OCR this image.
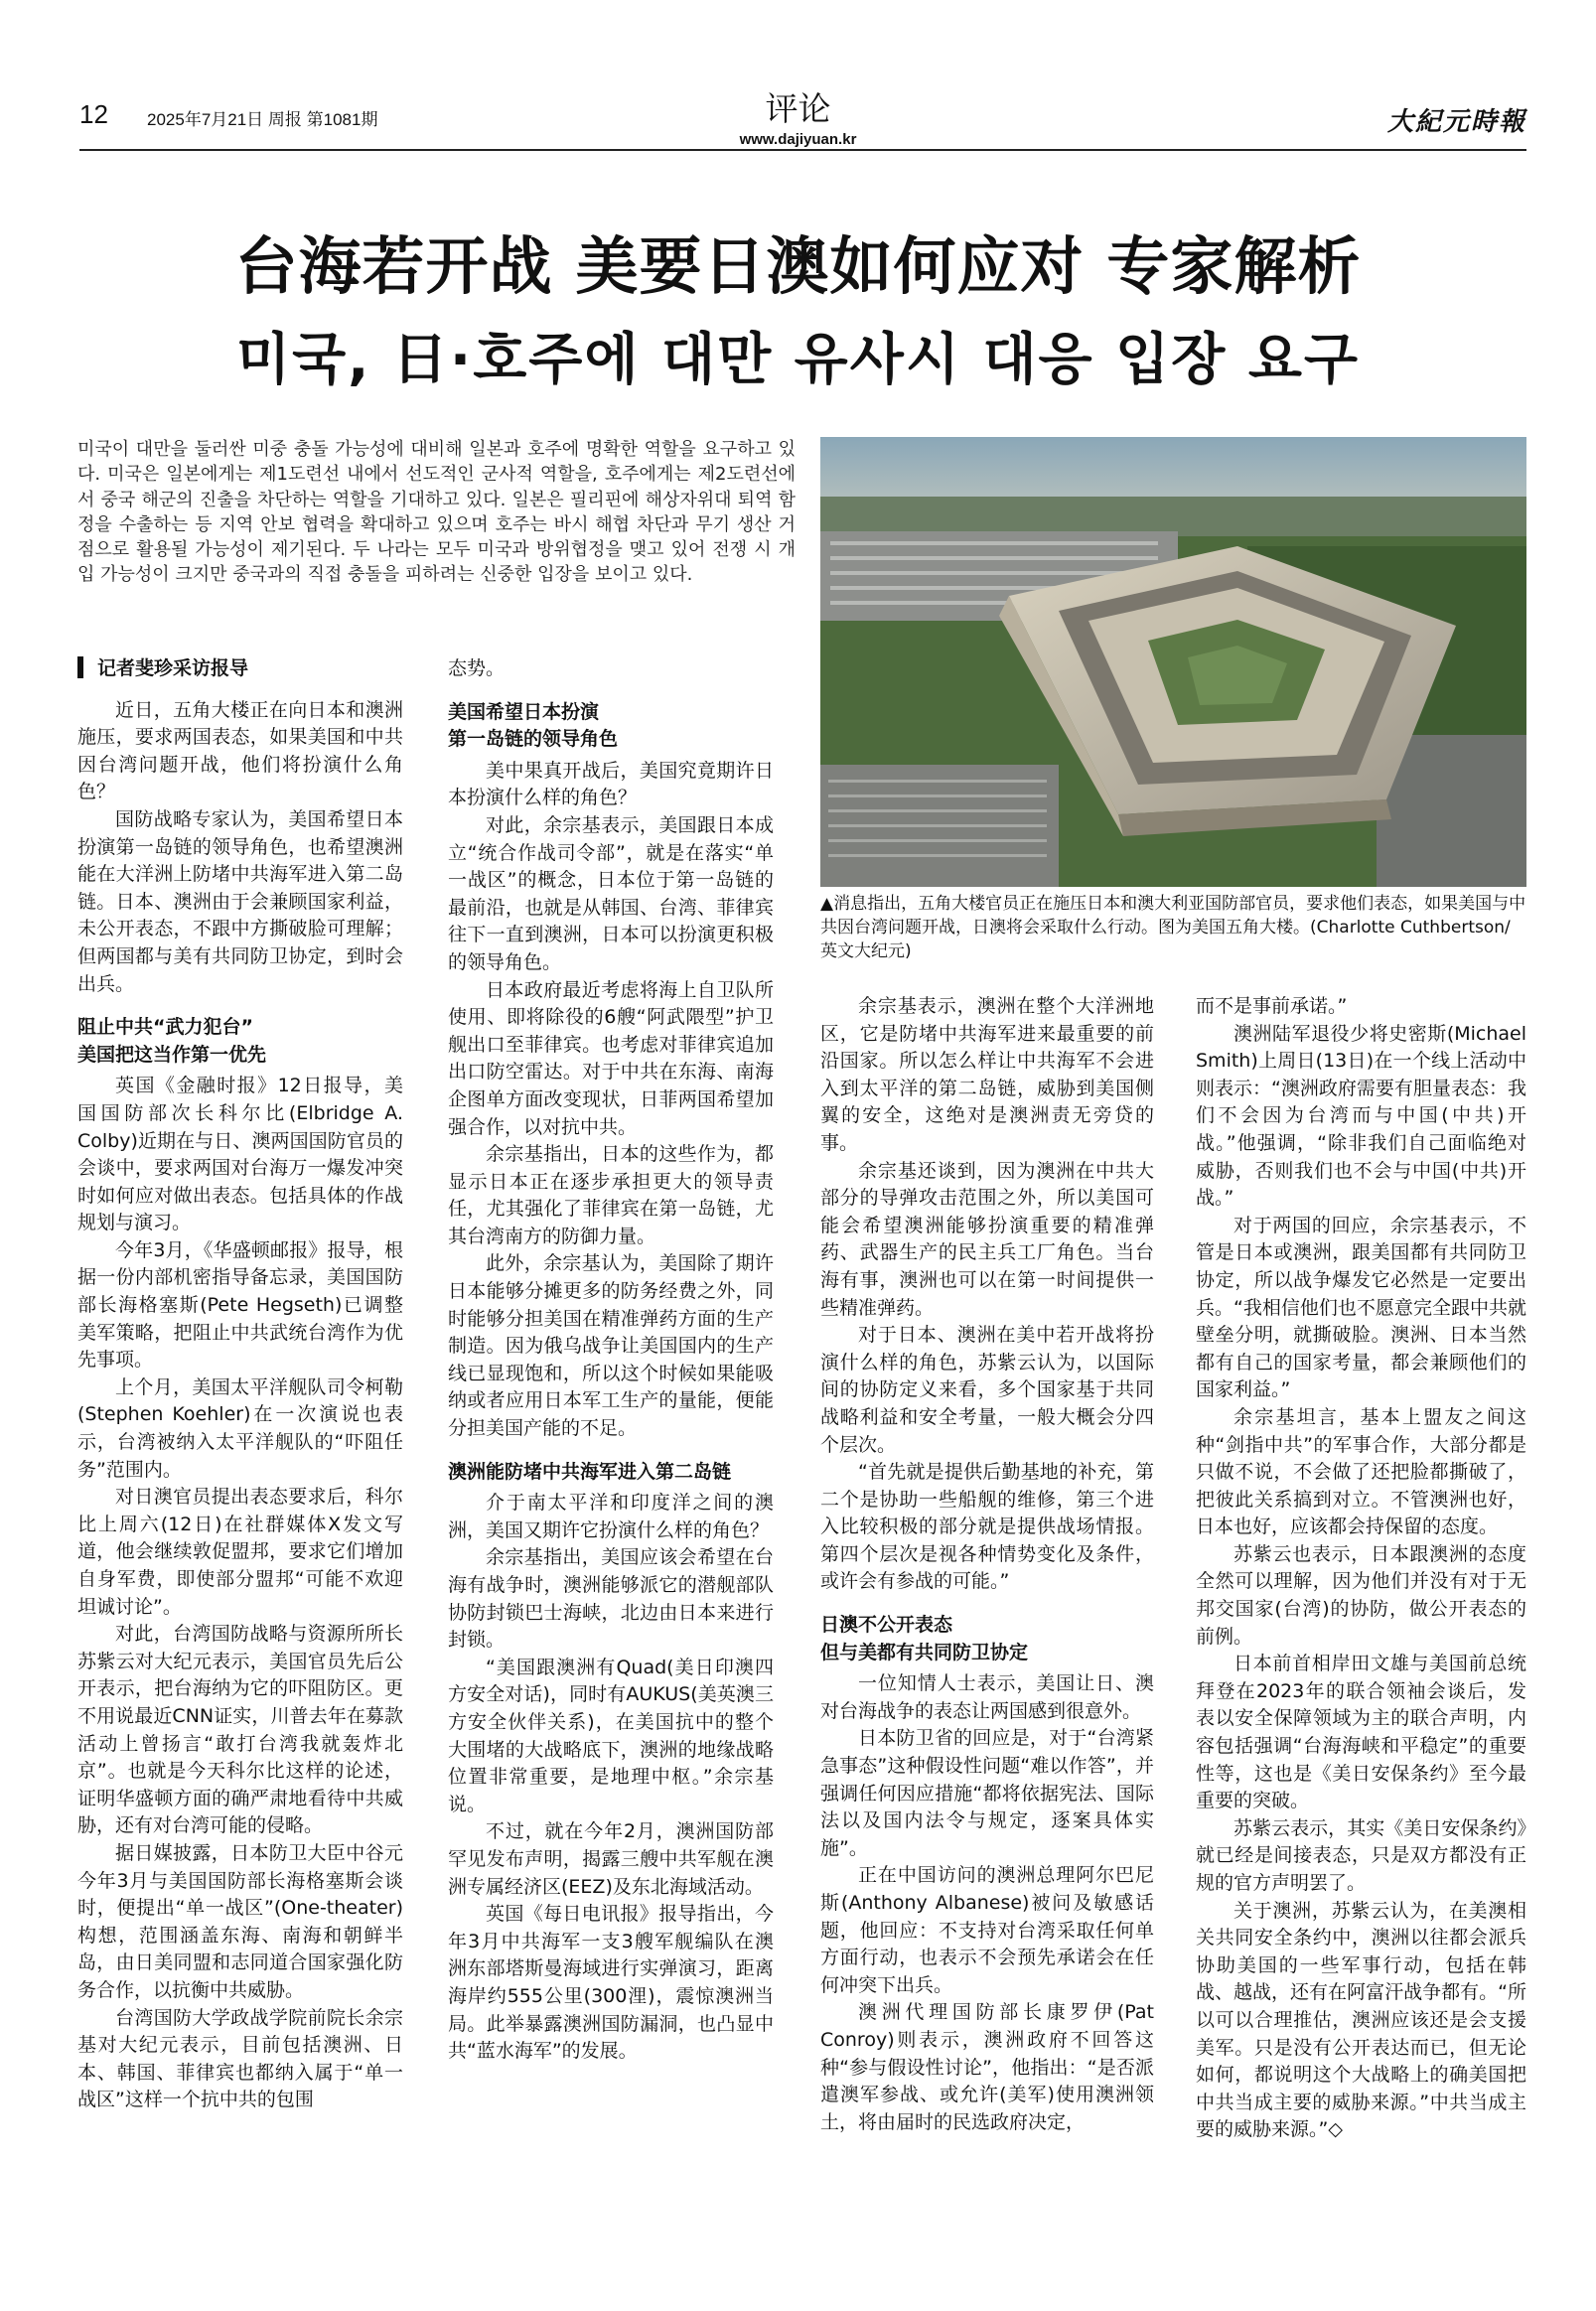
12 2025年7月21日 周报 第1081期	评论
www.dajiyuan.kr
大紀元時報
台海若开战 美要日澳如何应对 专家解析
미국, 日·호주에 대만 유사시 대응 입장 요구
미국이 대만을 둘러싼 미중 충돌 가능성에 대비해 일본과 호주에 명확한 역할을 요구하고 있다. 미국은 일본에게는 제1도련선 내에서 선도적인 군사적 역할을, 호주에게는 제2도련선에서 중국 해군의 진출을 차단하는 역할을 기대하고 있다. 일본은 필리핀에 해상자위대 퇴역 함정을 수출하는 등 지역 안보 협력을 확대하고 있으며 호주는 바시 해협 차단과 무기 생산 거점으로 활용될 가능성이 제기된다. 두 나라는 모두 미국과 방위협정을 맺고 있어 전쟁 시 개입 가능성이 크지만 중국과의 직접 충돌을 피하려는 신중한 입장을 보이고 있다.
▲消息指出，五角大楼官员正在施压日本和澳大利亚国防部官员，要求他们表态，如果美国与中共因台湾问题开战，日澳将会采取什么行动。图为美国五角大楼。(Charlotte Cuthbertson/英文大纪元)
记者斐珍采访报导

近日，五角大楼正在向日本和澳洲施压，要求两国表态，如果美国和中共因台湾问题开战，他们将扮演什么角色？

国防战略专家认为，美国希望日本扮演第一岛链的领导角色，也希望澳洲能在大洋洲上防堵中共海军进入第二岛链。日本、澳洲由于会兼顾国家利益，未公开表态，不跟中方撕破脸可理解；但两国都与美有共同防卫协定，到时会出兵。

阻止中共“武力犯台”
美国把这当作第一优先

英国《金融时报》12日报导，美国国防部次长科尔比(Elbridge A. Colby)近期在与日、澳两国国防官员的会谈中，要求两国对台海万一爆发冲突时如何应对做出表态。包括具体的作战规划与演习。

今年3月，《华盛顿邮报》报导，根据一份内部机密指导备忘录，美国国防部长海格塞斯(Pete Hegseth)已调整美军策略，把阻止中共武统台湾作为优先事项。

上个月，美国太平洋舰队司令柯勒(Stephen Koehler)在一次演说也表示，台湾被纳入太平洋舰队的“吓阻任务”范围内。

对日澳官员提出表态要求后，科尔比上周六(12日)在社群媒体X发文写道，他会继续敦促盟邦，要求它们增加自身军费，即使部分盟邦“可能不欢迎坦诚讨论”。

对此，台湾国防战略与资源所所长苏紫云对大纪元表示，美国官员先后公开表示，把台海纳为它的吓阻防区。更不用说最近CNN证实，川普去年在募款活动上曾扬言“敢打台湾我就轰炸北京”。也就是今天科尔比这样的论述，证明华盛顿方面的确严肃地看待中共威胁，还有对台湾可能的侵略。

据日媒披露，日本防卫大臣中谷元今年3月与美国国防部长海格塞斯会谈时，便提出“单一战区”(One-theater)构想，范围涵盖东海、南海和朝鲜半岛，由日美同盟和志同道合国家强化防务合作，以抗衡中共威胁。

台湾国防大学政战学院前院长余宗基对大纪元表示，目前包括澳洲、日本、韩国、菲律宾也都纳入属于“单一战区”这样一个抗中共的包围

态势。

美国希望日本扮演
第一岛链的领导角色

美中果真开战后，美国究竟期许日本扮演什么样的角色？

对此，余宗基表示，美国跟日本成立“统合作战司令部”，就是在落实“单一战区”的概念，日本位于第一岛链的最前沿，也就是从韩国、台湾、菲律宾往下一直到澳洲，日本可以扮演更积极的领导角色。

日本政府最近考虑将海上自卫队所使用、即将除役的6艘“阿武隈型”护卫舰出口至菲律宾。也考虑对菲律宾追加出口防空雷达。对于中共在东海、南海企图单方面改变现状，日菲两国希望加强合作，以对抗中共。

余宗基指出，日本的这些作为，都显示日本正在逐步承担更大的领导责任，尤其强化了菲律宾在第一岛链，尤其台湾南方的防御力量。

此外，余宗基认为，美国除了期许日本能够分摊更多的防务经费之外，同时能够分担美国在精准弹药方面的生产制造。因为俄乌战争让美国国内的生产线已显现饱和，所以这个时候如果能吸纳或者应用日本军工生产的量能，便能分担美国产能的不足。

澳洲能防堵中共海军进入第二岛链

介于南太平洋和印度洋之间的澳洲，美国又期许它扮演什么样的角色？

余宗基指出，美国应该会希望在台海有战争时，澳洲能够派它的潜舰部队协防封锁巴士海峡，北边由日本来进行封锁。

“美国跟澳洲有Quad(美日印澳四方安全对话)，同时有AUKUS(美英澳三方安全伙伴关系)，在美国抗中的整个大围堵的大战略底下，澳洲的地缘战略位置非常重要，是地理中枢。”余宗基说。

不过，就在今年2月，澳洲国防部罕见发布声明，揭露三艘中共军舰在澳洲专属经济区(EEZ)及东北海域活动。

英国《每日电讯报》报导指出，今年3月中共海军一支3艘军舰编队在澳洲东部塔斯曼海域进行实弹演习，距离海岸约555公里(300浬)，震惊澳洲当局。此举暴露澳洲国防漏洞，也凸显中共“蓝水海军”的发展。

余宗基表示，澳洲在整个大洋洲地区，它是防堵中共海军进来最重要的前沿国家。所以怎么样让中共海军不会进入到太平洋的第二岛链，威胁到美国侧翼的安全，这绝对是澳洲责无旁贷的事。

余宗基还谈到，因为澳洲在中共大部分的导弹攻击范围之外，所以美国可能会希望澳洲能够扮演重要的精准弹药、武器生产的民主兵工厂角色。当台海有事，澳洲也可以在第一时间提供一些精准弹药。

对于日本、澳洲在美中若开战将扮演什么样的角色，苏紫云认为，以国际间的协防定义来看，多个国家基于共同战略利益和安全考量，一般大概会分四个层次。

“首先就是提供后勤基地的补充，第二个是协助一些船舰的维修，第三个进入比较积极的部分就是提供战场情报。第四个层次是视各种情势变化及条件，或许会有参战的可能。”

日澳不公开表态
但与美都有共同防卫协定

一位知情人士表示，美国让日、澳对台海战争的表态让两国感到很意外。

日本防卫省的回应是，对于“台湾紧急事态”这种假设性问题“难以作答”，并强调任何因应措施“都将依据宪法、国际法以及国内法令与规定，逐案具体实施”。

正在中国访问的澳洲总理阿尔巴尼斯(Anthony Albanese)被问及敏感话题，他回应：不支持对台湾采取任何单方面行动，也表示不会预先承诺会在任何冲突下出兵。

澳洲代理国防部长康罗伊(Pat Conroy)则表示，澳洲政府不回答这种“参与假设性讨论”，他指出：“是否派遣澳军参战、或允许(美军)使用澳洲领土，将由届时的民选政府决定，

而不是事前承诺。”

澳洲陆军退役少将史密斯(Michael Smith)上周日(13日)在一个线上活动中则表示：“澳洲政府需要有胆量表态：我们不会因为台湾而与中国(中共)开战。”他强调，“除非我们自己面临绝对威胁，否则我们也不会与中国(中共)开战。”

对于两国的回应，余宗基表示，不管是日本或澳洲，跟美国都有共同防卫协定，所以战争爆发它必然是一定要出兵。“我相信他们也不愿意完全跟中共就壁垒分明，就撕破脸。澳洲、日本当然都有自己的国家考量，都会兼顾他们的国家利益。”

余宗基坦言，基本上盟友之间这种“剑指中共”的军事合作，大部分都是只做不说，不会做了还把脸都撕破了，把彼此关系搞到对立。不管澳洲也好，日本也好，应该都会持保留的态度。

苏紫云也表示，日本跟澳洲的态度全然可以理解，因为他们并没有对于无邦交国家(台湾)的协防，做公开表态的前例。

日本前首相岸田文雄与美国前总统拜登在2023年的联合领袖会谈后，发表以安全保障领域为主的联合声明，内容包括强调“台海海峡和平稳定”的重要性等，这也是《美日安保条约》至今最重要的突破。

苏紫云表示，其实《美日安保条约》就已经是间接表态，只是双方都没有正规的官方声明罢了。

关于澳洲，苏紫云认为，在美澳相关共同安全条约中，澳洲以往都会派兵协助美国的一些军事行动，包括在韩战、越战，还有在阿富汗战争都有。“所以可以合理推估，澳洲应该还是会支援美军。只是没有公开表达而已，但无论如何，都说明这个大战略上的确美国把中共当成主要的威胁来源。”中共当成主要的威胁来源。”◇
